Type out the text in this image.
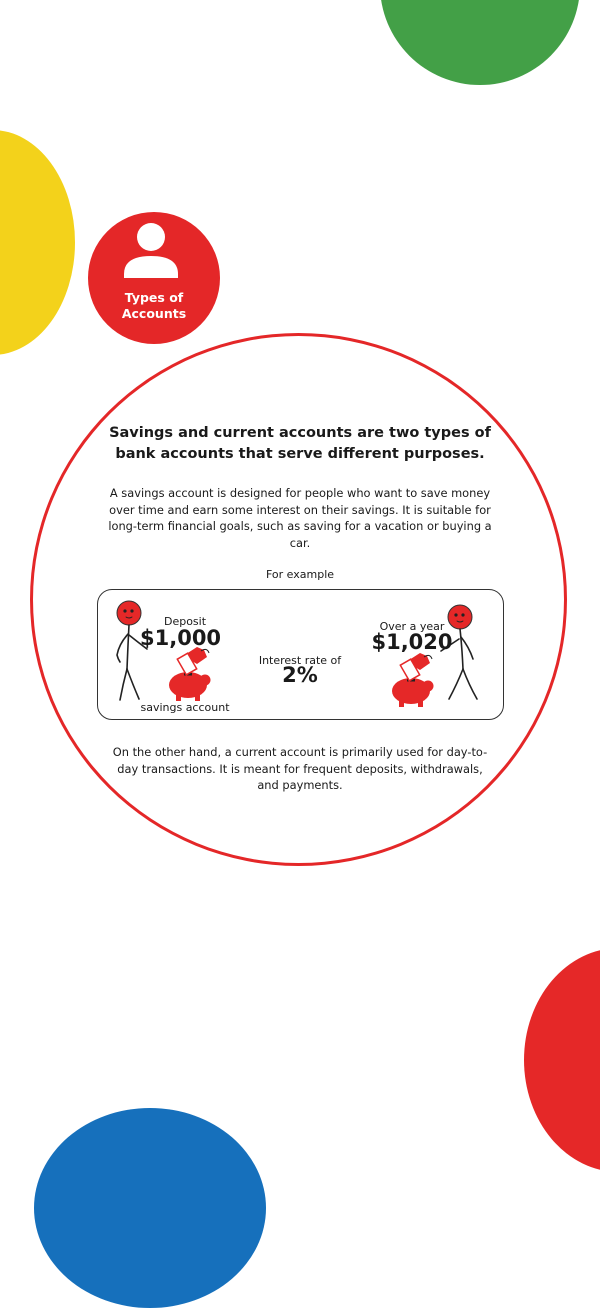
Types of
Accounts
Savings and current accounts are two types of bank accounts that serve different purposes.
A savings account is designed for people who want to save money over time and earn some interest on their savings. It is suitable for long-term financial goals, such as saving for a vacation or buying a car.
For example
Deposit
$1,000
savings account
Interest rate of
2%
Over a year
$1,020
On the other hand, a current account is primarily used for day-to-day transactions. It is meant for frequent deposits, withdrawals, and payments.
